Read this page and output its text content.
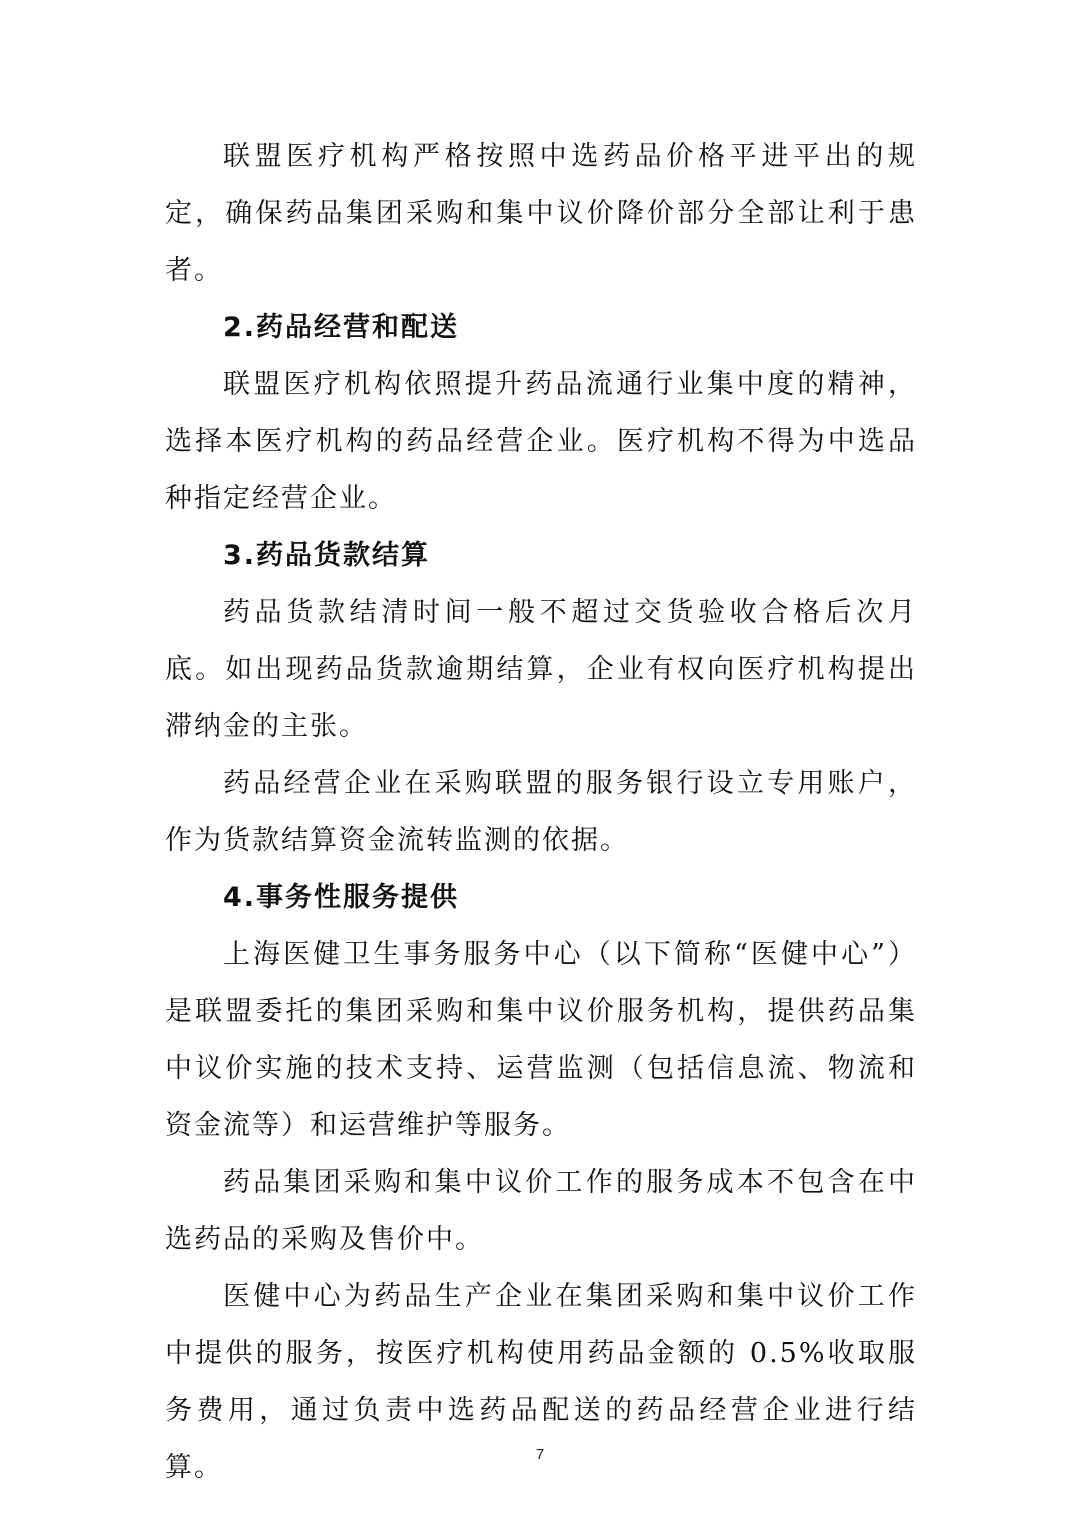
联盟医疗机构严格按照中选药品价格平进平出的规定，确保药品集团采购和集中议价降价部分全部让利于患者。

2.药品经营和配送

联盟医疗机构依照提升药品流通行业集中度的精神，选择本医疗机构的药品经营企业。医疗机构不得为中选品种指定经营企业。

3.药品货款结算

药品货款结清时间一般不超过交货验收合格后次月底。如出现药品货款逾期结算，企业有权向医疗机构提出滞纳金的主张。

药品经营企业在采购联盟的服务银行设立专用账户，作为货款结算资金流转监测的依据。

4.事务性服务提供

上海医健卫生事务服务中心（以下简称“医健中心”）是联盟委托的集团采购和集中议价服务机构，提供药品集中议价实施的技术支持、运营监测（包括信息流、物流和资金流等）和运营维护等服务。

药品集团采购和集中议价工作的服务成本不包含在中选药品的采购及售价中。

医健中心为药品生产企业在集团采购和集中议价工作中提供的服务，按医疗机构使用药品金额的 0.5%收取服务费用，通过负责中选药品配送的药品经营企业进行结算。	7
